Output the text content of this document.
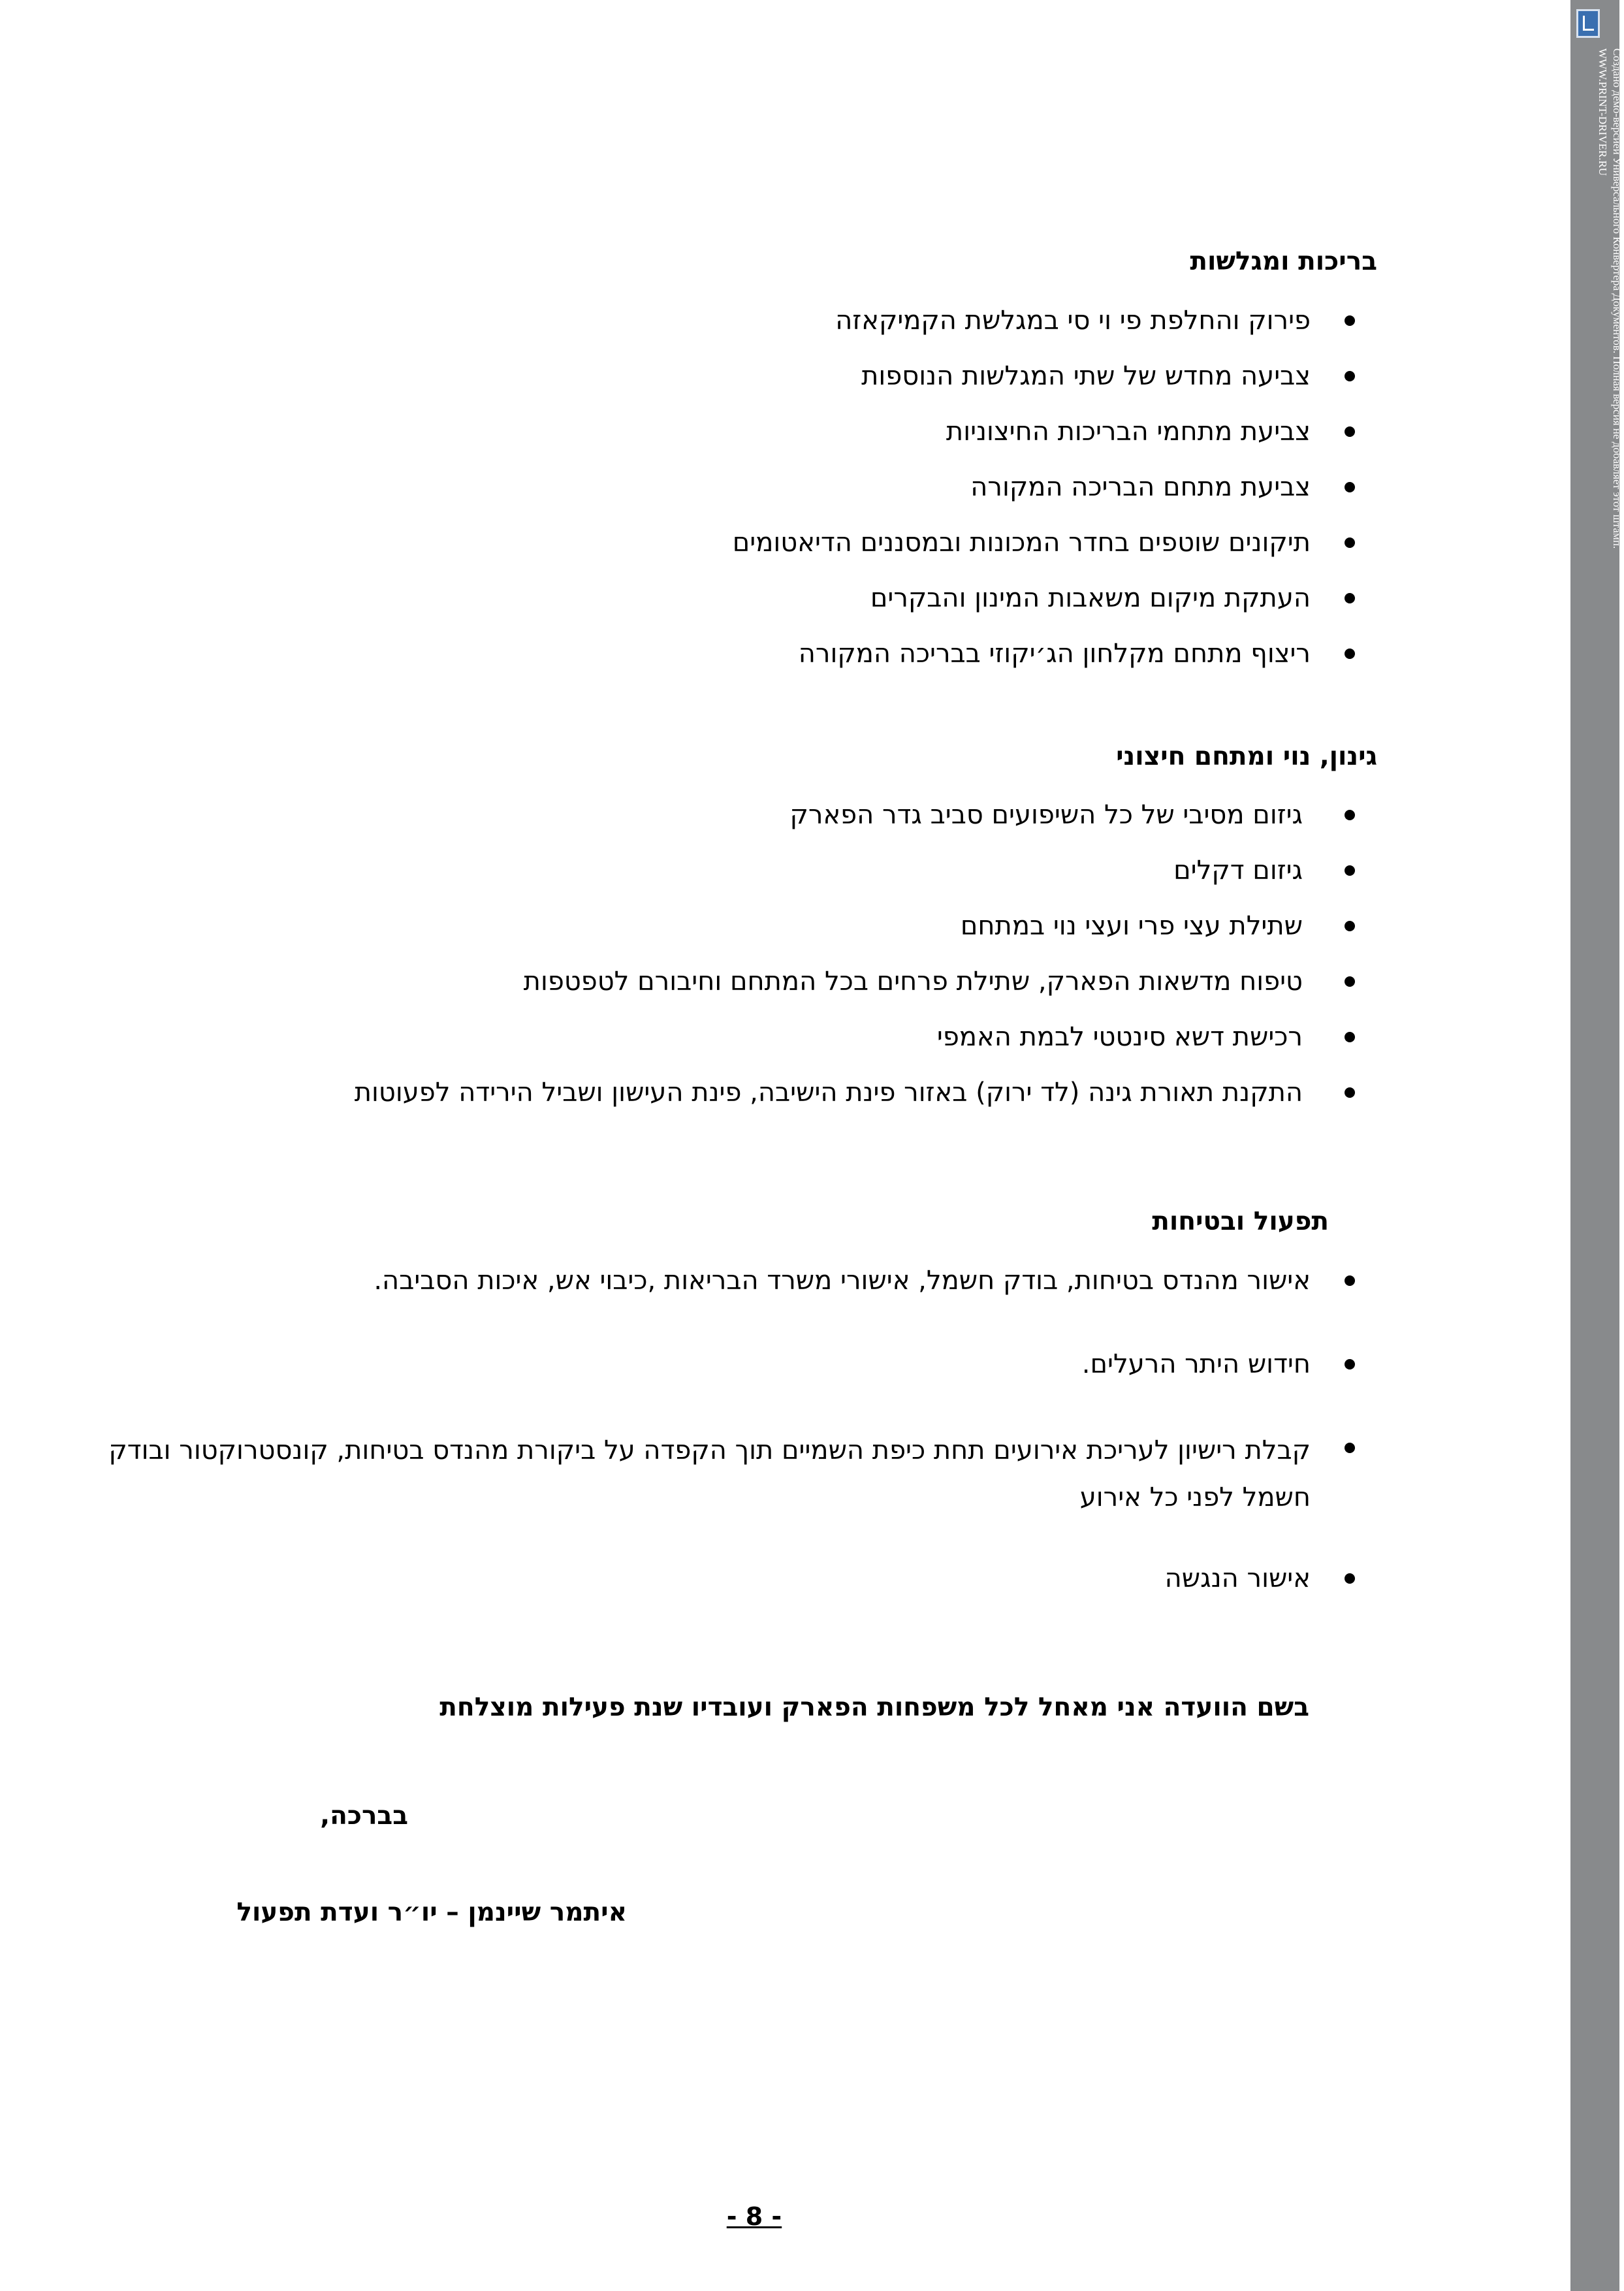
בריכות ומגלשות
פירוק והחלפת פי וי סי במגלשת הקמיקאזה
צביעה מחדש של שתי המגלשות הנוספות
צביעת מתחמי הבריכות החיצוניות
צביעת מתחם הבריכה המקורה
תיקונים שוטפים בחדר המכונות ובמסננים הדיאטומים
העתקת מיקום משאבות המינון והבקרים
ריצוף מתחם מקלחון הג׳יקוזי בבריכה המקורה
גינון, נוי ומתחם חיצוני
גיזום מסיבי של כל השיפועים סביב גדר הפארק
גיזום דקלים
שתילת עצי פרי ועצי נוי במתחם
טיפוח מדשאות הפארק, שתילת פרחים בכל המתחם וחיבורם לטפטפות
רכישת דשא סינטטי לבמת האמפי
התקנת תאורת גינה (לד ירוק) באזור פינת הישיבה, פינת העישון ושביל הירידה לפעוטות
תפעול ובטיחות
אישור מהנדס בטיחות, בודק חשמל, אישורי משרד הבריאות ,כיבוי אש, איכות הסביבה.
חידוש היתר הרעלים.
קבלת רישיון לעריכת אירועים תחת כיפת השמיים תוך הקפדה על ביקורת מהנדס בטיחות, קונסטרוקטור ובודק חשמל לפני כל אירוע
אישור הנגשה
בשם הוועדה אני מאחל לכל משפחות הפארק ועובדיו שנת פעילות מוצלחת
בברכה,
איתמר שיינמן – יו״ר ועדת תפעול
- 8 -
Создано демо-версией Универсального Конвертера Документов. Полная версия не добавляет этот штамп.
WWW.PRINT-DRIVER.RU
